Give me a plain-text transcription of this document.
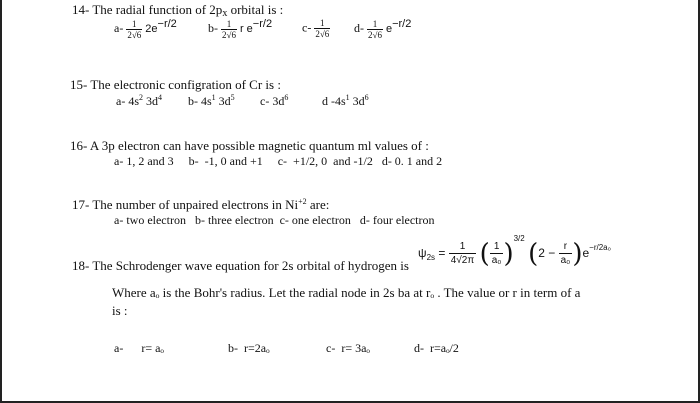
14- The radial function of 2px orbital is :
$a- \frac{1}{2√6} 2e-r/2$	$b- \frac{1}{2√6}$ r e−r/2 $c- \frac{1}{2√6} d- \frac{1}{2√6} e-r/2$
15- The electronic configration of Cr is :
a- $4s^2$ $3d^4$ b- $4s^1$ $3d^5$ c- $3d^6$	d $-4s^1$ $3d^6$
16- A 3p electron can have possible magnetic quantum ml values of :
a- 1, 2 and 3     b-  -1, 0 and +1     c-  +1/2, 0  and -1/2   d- 0. 1 and 2
17- The number of unpaired electrons in $Ni^{+2}$ are:
a- two electron   b- three electron  c- one electron   d- four electron
18- The Schrodenger wave equation for 2s orbital of hydrogen is
$\psi_{2s} = \frac{1}{4√2\pi}$ ( $\frac{1}{\text{a₀}} )^{3/2}$ $(2 - \frac{r}{\text{a₀}} )e^{-r/2a_0}$
Where aₒ is the Bohr's radius. Let the radial node in 2s ba at rₒ . The value or r in term of a
is :
a- r= aₒ	b- r=2aₒ	c- r= 3aₒ	d- r=aₒ/2
